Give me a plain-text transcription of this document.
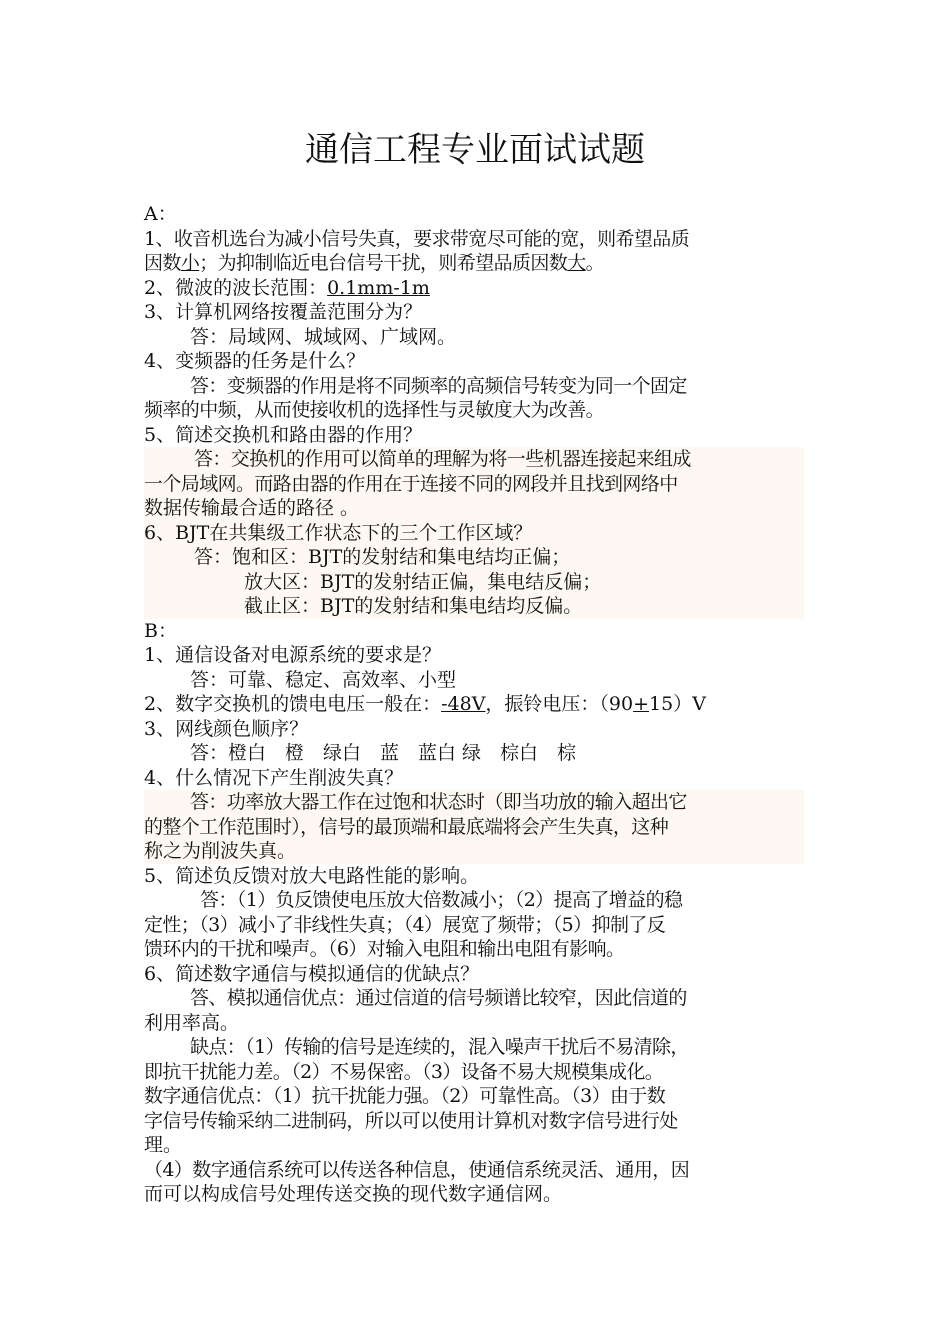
通信工程专业面试试题
A：
1、收音机选台为减小信号失真，要求带宽尽可能的宽，则希望品质
因数小；为抑制临近电台信号干扰，则希望品质因数大。
2、微波的波长范围：0.1mm-1m
3、计算机网络按覆盖范围分为？
答：局域网、城域网、广域网。
4、变频器的任务是什么？
答：变频器的作用是将不同频率的高频信号转变为同一个固定
频率的中频，从而使接收机的选择性与灵敏度大为改善。
5、简述交换机和路由器的作用？
答：交换机的作用可以简单的理解为将一些机器连接起来组成
一个局域网。而路由器的作用在于连接不同的网段并且找到网络中
数据传输最合适的路径 。
6、BJT在共集级工作状态下的三个工作区域？
答：饱和区：BJT的发射结和集电结均正偏；
放大区：BJT的发射结正偏，集电结反偏；
截止区：BJT的发射结和集电结均反偏。
B：
1、通信设备对电源系统的要求是？
答：可靠、稳定、高效率、小型
2、数字交换机的馈电电压一般在：-48V，振铃电压：（90+15）V
3、网线颜色顺序？
答：橙白　橙　绿白　蓝　蓝白 绿　棕白　棕
4、什么情况下产生削波失真？
答：功率放大器工作在过饱和状态时（即当功放的输入超出它
的整个工作范围时），信号的最顶端和最底端将会产生失真，这种
称之为削波失真。
5、简述负反馈对放大电路性能的影响。
答：（1）负反馈使电压放大倍数减小；（2）提高了增益的稳
定性；（3）减小了非线性失真；（4）展宽了频带；（5）抑制了反
馈环内的干扰和噪声。（6）对输入电阻和输出电阻有影响。
6、简述数字通信与模拟通信的优缺点？
答、模拟通信优点：通过信道的信号频谱比较窄，因此信道的
利用率高。
缺点：（1）传输的信号是连续的，混入噪声干扰后不易清除，
即抗干扰能力差。（2）不易保密。（3）设备不易大规模集成化。
数字通信优点：（1）抗干扰能力强。（2）可靠性高。（3）由于数
字信号传输采纳二进制码，所以可以使用计算机对数字信号进行处
理。
（4）数字通信系统可以传送各种信息，使通信系统灵活、通用，因
而可以构成信号处理传送交换的现代数字通信网。
